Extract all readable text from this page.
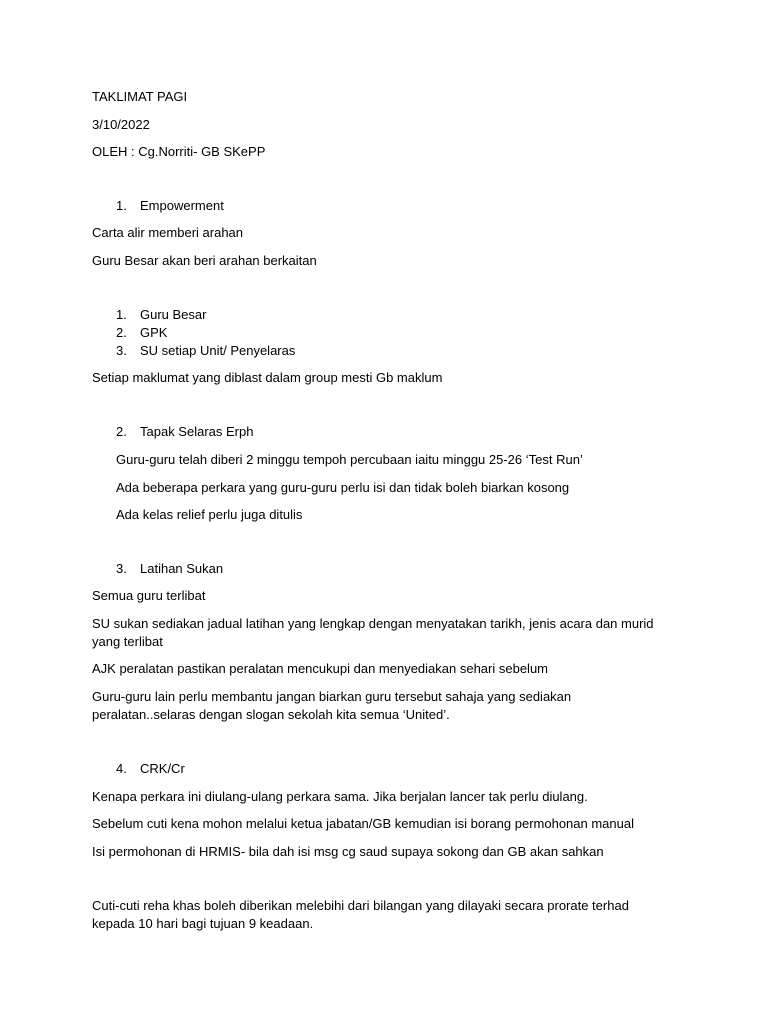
TAKLIMAT PAGI
3/10/2022
OLEH : Cg.Norriti- GB SKePP
1. Empowerment
Carta alir memberi arahan
Guru Besar akan beri arahan berkaitan
1. Guru Besar
2. GPK
3. SU setiap Unit/ Penyelaras
Setiap maklumat yang diblast dalam group mesti Gb maklum
2. Tapak Selaras Erph
Guru-guru telah diberi 2 minggu tempoh percubaan iaitu minggu 25-26 ‘Test Run’
Ada beberapa perkara yang guru-guru perlu isi dan tidak boleh biarkan kosong
Ada kelas relief perlu juga ditulis
3. Latihan Sukan
Semua guru terlibat
SU sukan sediakan jadual latihan yang lengkap dengan menyatakan tarikh, jenis acara dan murid yang terlibat
AJK peralatan pastikan peralatan mencukupi dan menyediakan sehari sebelum
Guru-guru lain perlu membantu jangan biarkan guru tersebut sahaja yang sediakan peralatan..selaras dengan slogan sekolah kita semua ‘United’.
4. CRK/Cr
Kenapa perkara ini diulang-ulang perkara sama. Jika berjalan lancer tak perlu diulang.
Sebelum cuti kena mohon melalui ketua jabatan/GB kemudian isi borang permohonan manual
Isi permohonan di HRMIS- bila dah isi msg cg saud supaya sokong dan GB akan sahkan
Cuti-cuti reha khas boleh diberikan melebihi dari bilangan yang dilayaki secara prorate terhad kepada 10 hari bagi tujuan 9 keadaan.
